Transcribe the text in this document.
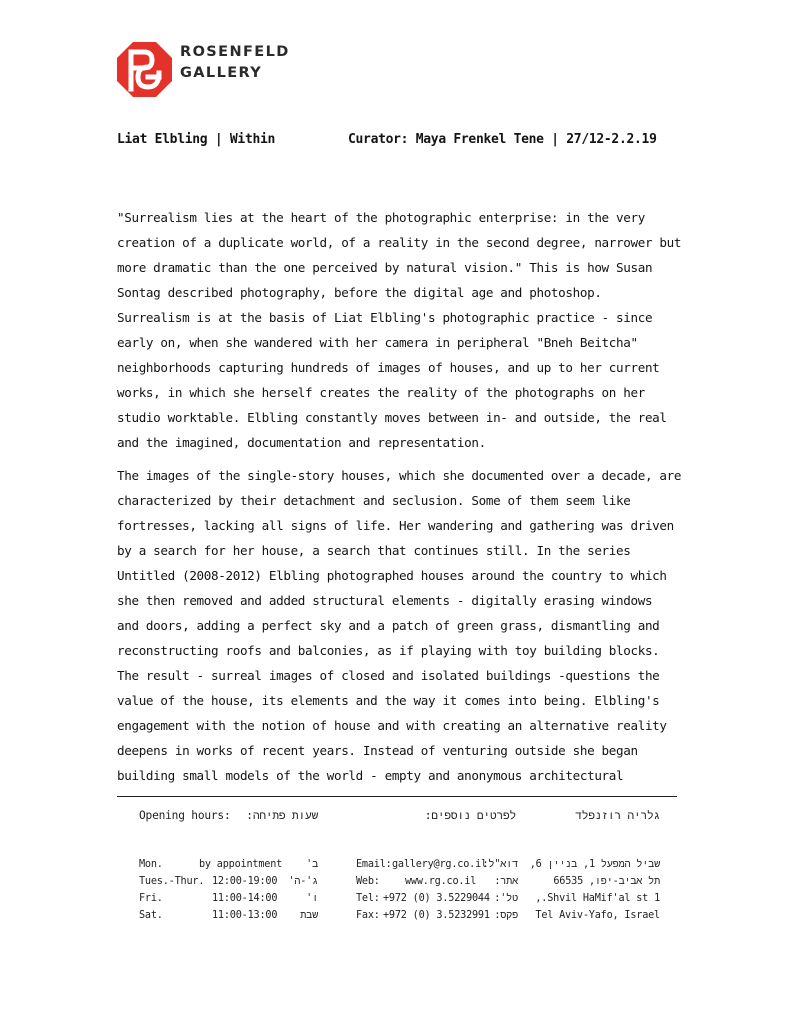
ROSENFELD
GALLERY
Liat Elbling | Within	Curator: Maya Frenkel Tene | 27/12-2.2.19
"Surrealism lies at the heart of the photographic enterprise: in the very
creation of a duplicate world, of a reality in the second degree, narrower but
more dramatic than the one perceived by natural vision." This is how Susan
Sontag described photography, before the digital age and photoshop.
Surrealism is at the basis of Liat Elbling's photographic practice - since
early on, when she wandered with her camera in peripheral "Bneh Beitcha"
neighborhoods capturing hundreds of images of houses, and up to her current
works, in which she herself creates the reality of the photographs on her
studio worktable. Elbling constantly moves between in- and outside, the real
and the imagined, documentation and representation.
The images of the single-story houses, which she documented over a decade, are
characterized by their detachment and seclusion. Some of them seem like
fortresses, lacking all signs of life. Her wandering and gathering was driven
by a search for her house, a search that continues still. In the series
Untitled (2008-2012) Elbling photographed houses around the country to which
she then removed and added structural elements - digitally erasing windows
and doors, adding a perfect sky and a patch of green grass, dismantling and
reconstructing roofs and balconies, as if playing with toy building blocks.
The result - surreal images of closed and isolated buildings -questions the
value of the house, its elements and the way it comes into being. Elbling's
engagement with the notion of house and with creating an alternative reality
deepens in works of recent years. Instead of venturing outside she began
building small models of the world - empty and anonymous architectural
Opening hours:	שעות פתיחה:	לפרטים נוספים:	גלריה רוזנפלד
Mon.	by appointment	ב'
Tues.-Thur. 12:00-19:00	ג'-ה'
Fri.	11:00-14:00	ו'
Sat.	11:00-13:00	שבת
Email: gallery@rg.co.il
דוא"ל:
Web: www.rg.co.il	אתר:
Tel: +972 (0) 3.5229044 טל':
Fax: +972 (0) 3.5232991 פקס:
שביל המפעל 1, בניין 6,
תל אביב-יפו, 66535
1 Shvil HaMif'al st.,
Tel Aviv-Yafo, Israel
